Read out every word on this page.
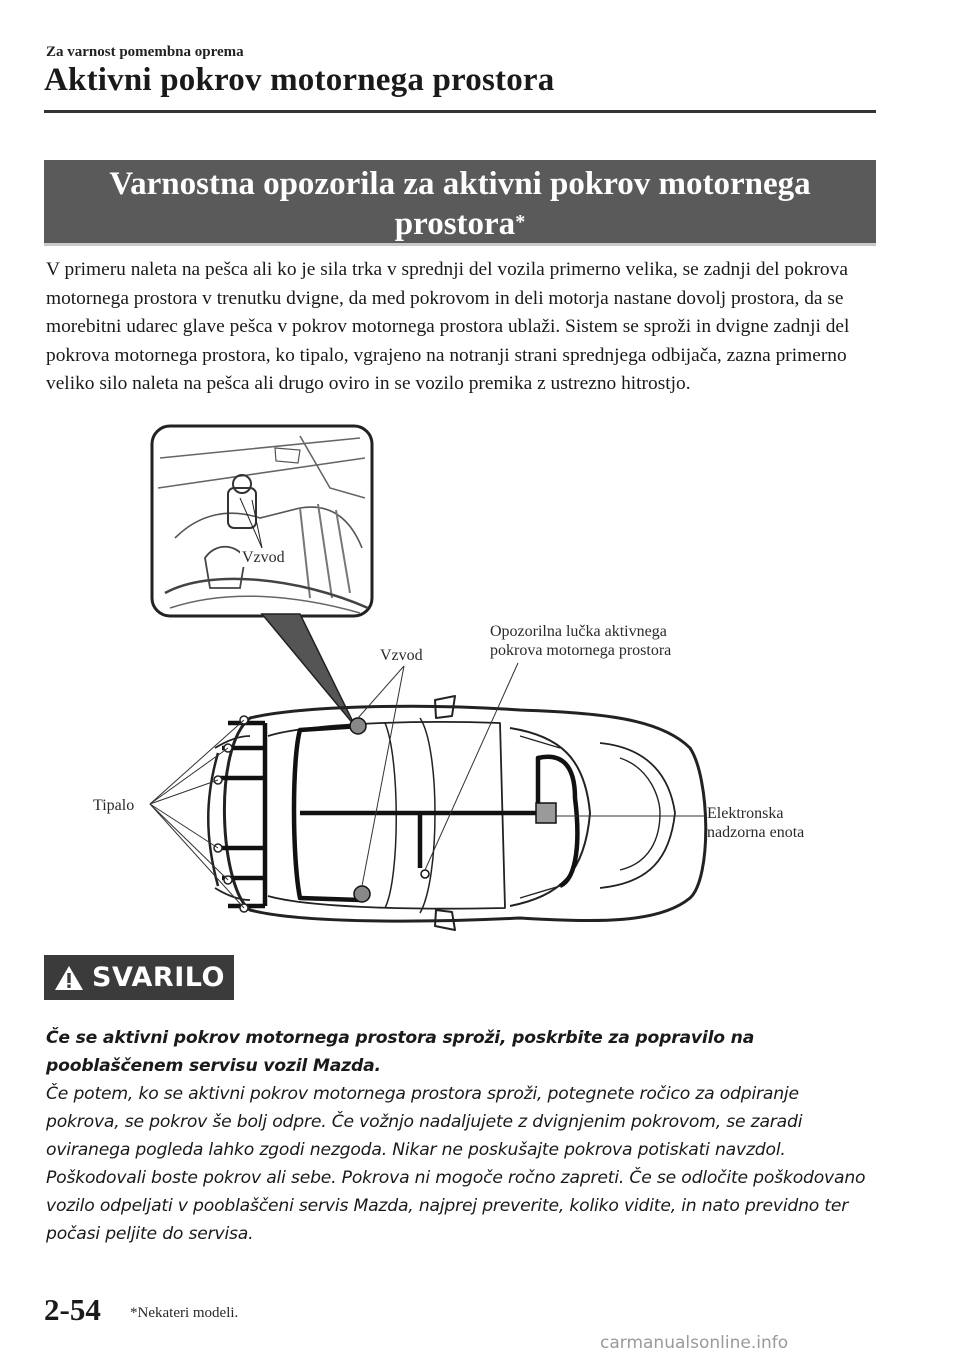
Za varnost pomembna oprema
Aktivni pokrov motornega prostora
Varnostna opozorila za aktivni pokrov motornega prostora*

V primeru naleta na pešca ali ko je sila trka v sprednji del vozila primerno velika, se zadnji del pokrova motornega prostora v trenutku dvigne, da med pokrovom in deli motorja nastane dovolj prostora, da se morebitni udarec glave pešca v pokrov motornega prostora ublaži. Sistem se sproži in dvigne zadnji del pokrova motornega prostora, ko tipalo, vgrajeno na notranji strani sprednjega odbijača, zazna primerno veliko silo naleta na pešca ali drugo oviro in se vozilo premika z ustrezno hitrostjo.

Vzvod
Vzvod
Opozorilna lučka aktivnega
pokrova motornega prostora
Tipalo	Elektronska
nadzorna enota
SVARILO
Če se aktivni pokrov motornega prostora sproži, poskrbite za popravilo na pooblaščenem servisu vozil Mazda.
Če potem, ko se aktivni pokrov motornega prostora sproži, potegnete ročico za odpiranje pokrova, se pokrov še bolj odpre. Če vožnjo nadaljujete z dvignjenim pokrovom, se zaradi oviranega pogleda lahko zgodi nezgoda. Nikar ne poskušajte pokrova potiskati navzdol. Poškodovali boste pokrov ali sebe. Pokrova ni mogoče ročno zapreti. Če se odločite poškodovano vozilo odpeljati v pooblaščeni servis Mazda, najprej preverite, koliko vidite, in nato previdno ter počasi peljite do servisa.
2-54 *Nekateri modeli.
carmanualsonline.info
